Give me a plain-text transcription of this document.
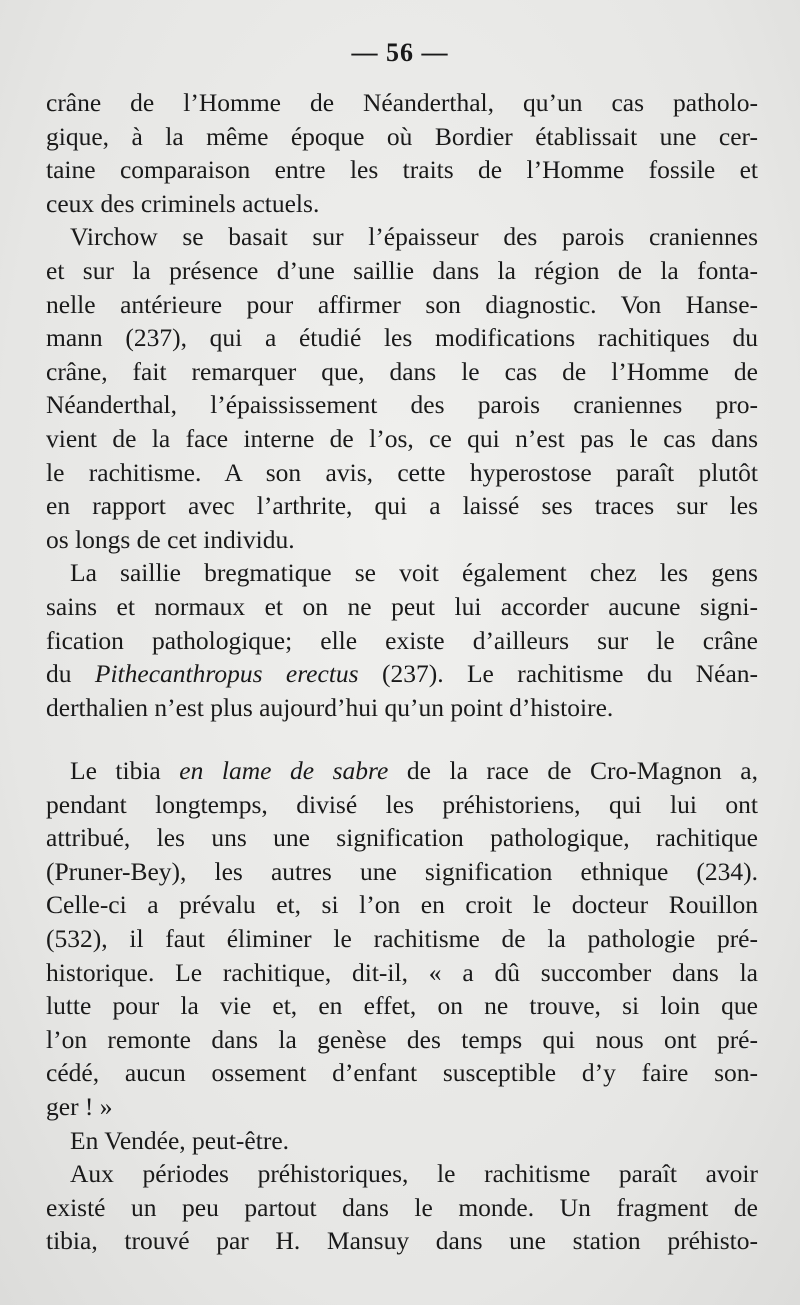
— 56 —
crâne de l’Homme de Néanderthal, qu’un cas patholo-
gique, à la même époque où Bordier établissait une cer-
taine comparaison entre les traits de l’Homme fossile et
ceux des criminels actuels.
Virchow se basait sur l’épaisseur des parois craniennes
et sur la présence d’une saillie dans la région de la fonta-
nelle antérieure pour affirmer son diagnostic. Von Hanse-
mann (237), qui a étudié les modifications rachitiques du
crâne, fait remarquer que, dans le cas de l’Homme de
Néanderthal, l’épaississement des parois craniennes pro-
vient de la face interne de l’os, ce qui n’est pas le cas dans
le rachitisme. A son avis, cette hyperostose paraît plutôt
en rapport avec l’arthrite, qui a laissé ses traces sur les
os longs de cet individu.
La saillie bregmatique se voit également chez les gens
sains et normaux et on ne peut lui accorder aucune signi-
fication pathologique; elle existe d’ailleurs sur le crâne
du Pithecanthropus erectus (237). Le rachitisme du Néan-
derthalien n’est plus aujourd’hui qu’un point d’histoire.
Le tibia en lame de sabre de la race de Cro-Magnon a,
pendant longtemps, divisé les préhistoriens, qui lui ont
attribué, les uns une signification pathologique, rachitique
(Pruner-Bey), les autres une signification ethnique (234).
Celle-ci a prévalu et, si l’on en croit le docteur Rouillon
(532), il faut éliminer le rachitisme de la pathologie pré-
historique. Le rachitique, dit-il, « a dû succomber dans la
lutte pour la vie et, en effet, on ne trouve, si loin que
l’on remonte dans la genèse des temps qui nous ont pré-
cédé, aucun ossement d’enfant susceptible d’y faire son-
ger ! »
En Vendée, peut-être.
Aux périodes préhistoriques, le rachitisme paraît avoir
existé un peu partout dans le monde. Un fragment de
tibia, trouvé par H. Mansuy dans une station préhisto-
